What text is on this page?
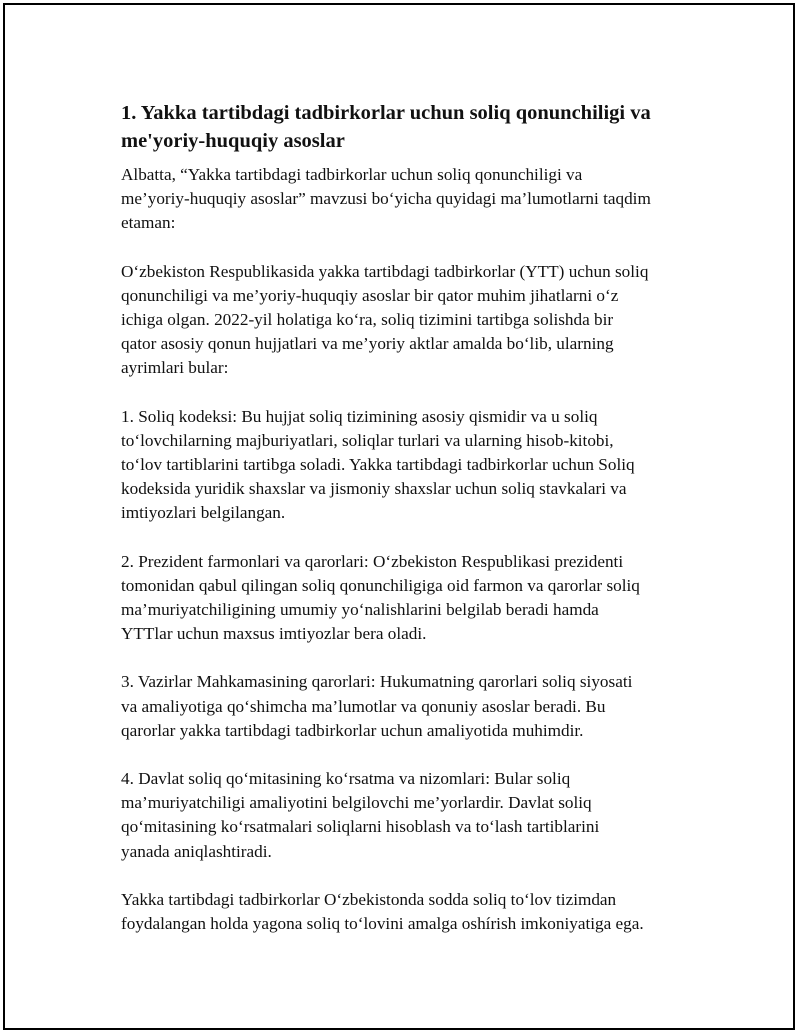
1. Yakka tartibdagi tadbirkorlar uchun soliq qonunchiligi va me'yoriy-huquqiy asoslar

Albatta, “Yakka tartibdagi tadbirkorlar uchun soliq qonunchiligi va
me’yoriy-huquqiy asoslar” mavzusi bo‘yicha quyidagi ma’lumotlarni taqdim
etaman:

O‘zbekiston Respublikasida yakka tartibdagi tadbirkorlar (YTT) uchun soliq
qonunchiligi va me’yoriy-huquqiy asoslar bir qator muhim jihatlarni o‘z
ichiga olgan. 2022-yil holatiga ko‘ra, soliq tizimini tartibga solishda bir
qator asosiy qonun hujjatlari va me’yoriy aktlar amalda bo‘lib, ularning
ayrimlari bular:

1. Soliq kodeksi: Bu hujjat soliq tizimining asosiy qismidir va u soliq
to‘lovchilarning majburiyatlari, soliqlar turlari va ularning hisob-kitobi,
to‘lov tartiblarini tartibga soladi. Yakka tartibdagi tadbirkorlar uchun Soliq
kodeksida yuridik shaxslar va jismoniy shaxslar uchun soliq stavkalari va
imtiyozlari belgilangan.

2. Prezident farmonlari va qarorlari: O‘zbekiston Respublikasi prezidenti
tomonidan qabul qilingan soliq qonunchiligiga oid farmon va qarorlar soliq
ma’muriyatchiligining umumiy yo‘nalishlarini belgilab beradi hamda
YTTlar uchun maxsus imtiyozlar bera oladi.

3. Vazirlar Mahkamasining qarorlari: Hukumatning qarorlari soliq siyosati
va amaliyotiga qo‘shimcha ma’lumotlar va qonuniy asoslar beradi. Bu
qarorlar yakka tartibdagi tadbirkorlar uchun amaliyotida muhimdir.

4. Davlat soliq qo‘mitasining ko‘rsatma va nizomlari: Bular soliq
ma’muriyatchiligi amaliyotini belgilovchi me’yorlardir. Davlat soliq
qo‘mitasining ko‘rsatmalari soliqlarni hisoblash va to‘lash tartiblarini
yanada aniqlashtiradi.

Yakka tartibdagi tadbirkorlar O‘zbekistonda sodda soliq to‘lov tizimdan
foydalangan holda yagona soliq to‘lovini amalga oshírish imkoniyatiga ega.
